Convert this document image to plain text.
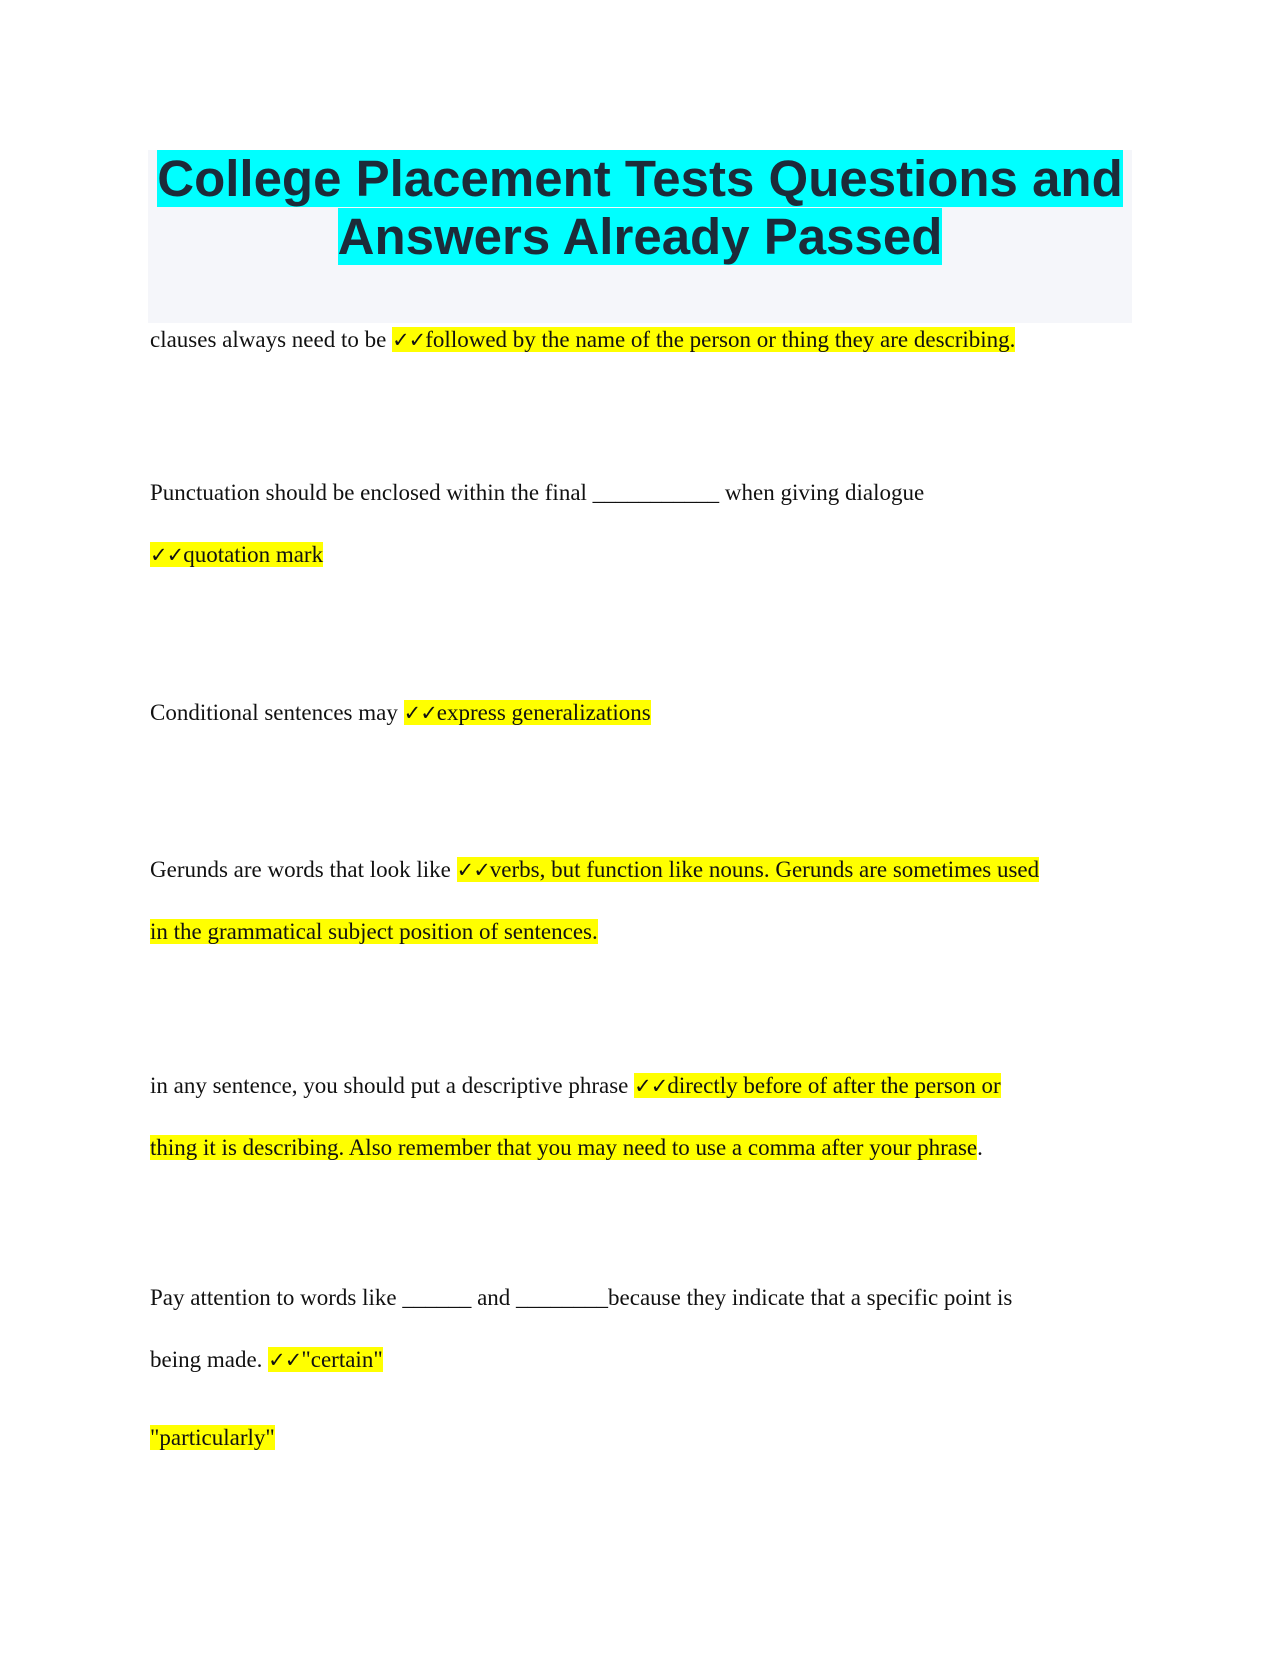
College Placement Tests Questions and
Answers Already Passed
clauses always need to be ✓✓followed by the name of the person or thing they are describing.
Punctuation should be enclosed within the final ___________ when giving dialogue
✓✓quotation mark
Conditional sentences may ✓✓express generalizations
Gerunds are words that look like ✓✓verbs, but function like nouns. Gerunds are sometimes used
in the grammatical subject position of sentences.
in any sentence, you should put a descriptive phrase ✓✓directly before of after the person or
thing it is describing. Also remember that you may need to use a comma after your phrase.
Pay attention to words like ______ and ________because they indicate that a specific point is
being made. ✓✓"certain"
"particularly"
